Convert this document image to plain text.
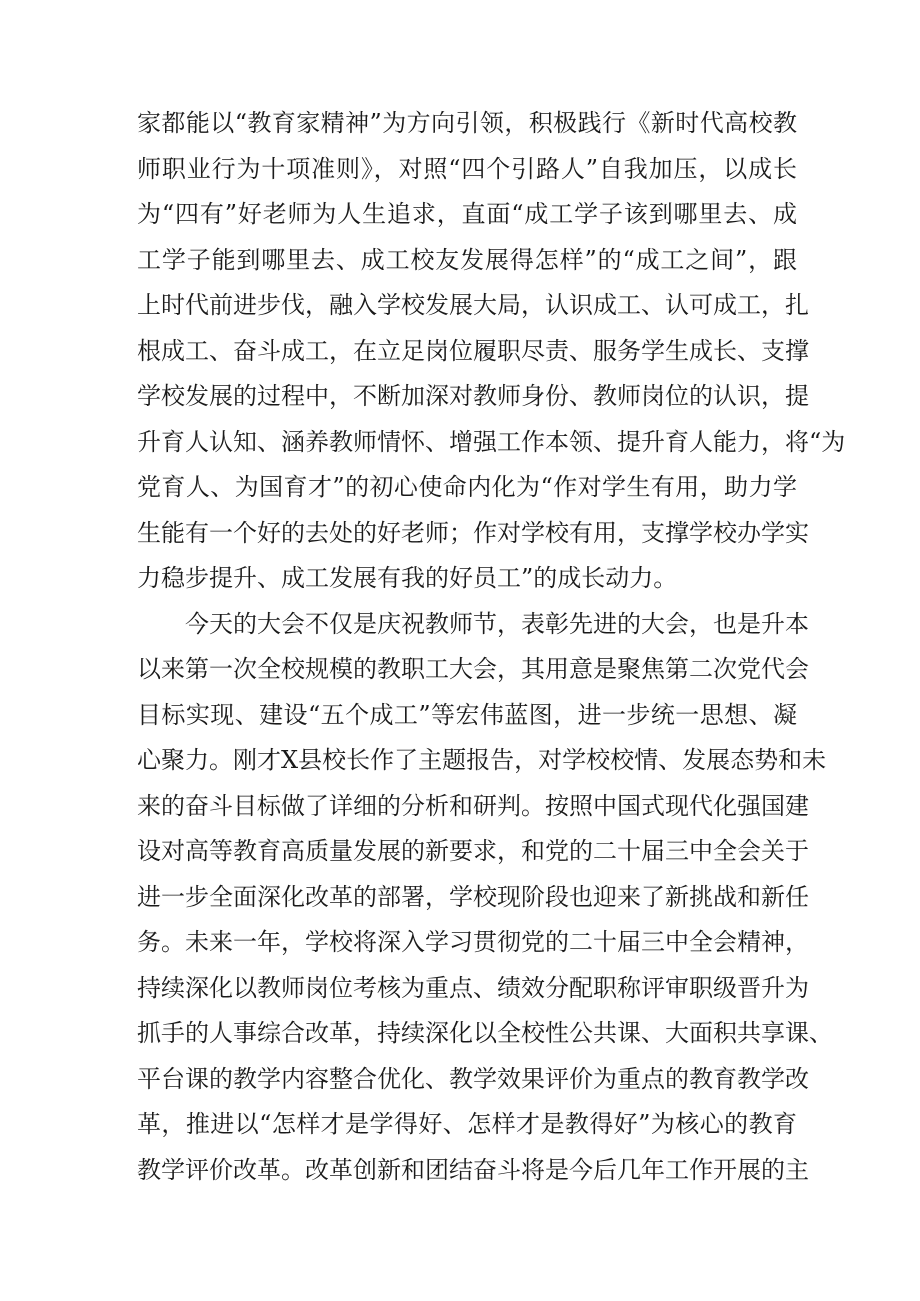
家都能以“教育家精神”为方向引领，积极践行《新时代高校教
师职业行为十项准则》，对照“四个引路人”自我加压，以成长
为“四有”好老师为人生追求，直面“成工学子该到哪里去、成
工学子能到哪里去、成工校友发展得怎样”的“成工之间”，跟
上时代前进步伐，融入学校发展大局，认识成工、认可成工，扎
根成工、奋斗成工，在立足岗位履职尽责、服务学生成长、支撑
学校发展的过程中，不断加深对教师身份、教师岗位的认识，提
升育人认知、涵养教师情怀、增强工作本领、提升育人能力，将“为
党育人、为国育才”的初心使命内化为“作对学生有用，助力学
生能有一个好的去处的好老师；作对学校有用，支撑学校办学实
力稳步提升、成工发展有我的好员工”的成长动力。
　　今天的大会不仅是庆祝教师节，表彰先进的大会，也是升本
以来第一次全校规模的教职工大会，其用意是聚焦第二次党代会
目标实现、建设“五个成工”等宏伟蓝图，进一步统一思想、凝
心聚力。刚才X县校长作了主题报告，对学校校情、发展态势和未
来的奋斗目标做了详细的分析和研判。按照中国式现代化强国建
设对高等教育高质量发展的新要求，和党的二十届三中全会关于
进一步全面深化改革的部署，学校现阶段也迎来了新挑战和新任
务。未来一年，学校将深入学习贯彻党的二十届三中全会精神，
持续深化以教师岗位考核为重点、绩效分配职称评审职级晋升为
抓手的人事综合改革，持续深化以全校性公共课、大面积共享课、
平台课的教学内容整合优化、教学效果评价为重点的教育教学改
革，推进以“怎样才是学得好、怎样才是教得好”为核心的教育
教学评价改革。改革创新和团结奋斗将是今后几年工作开展的主
